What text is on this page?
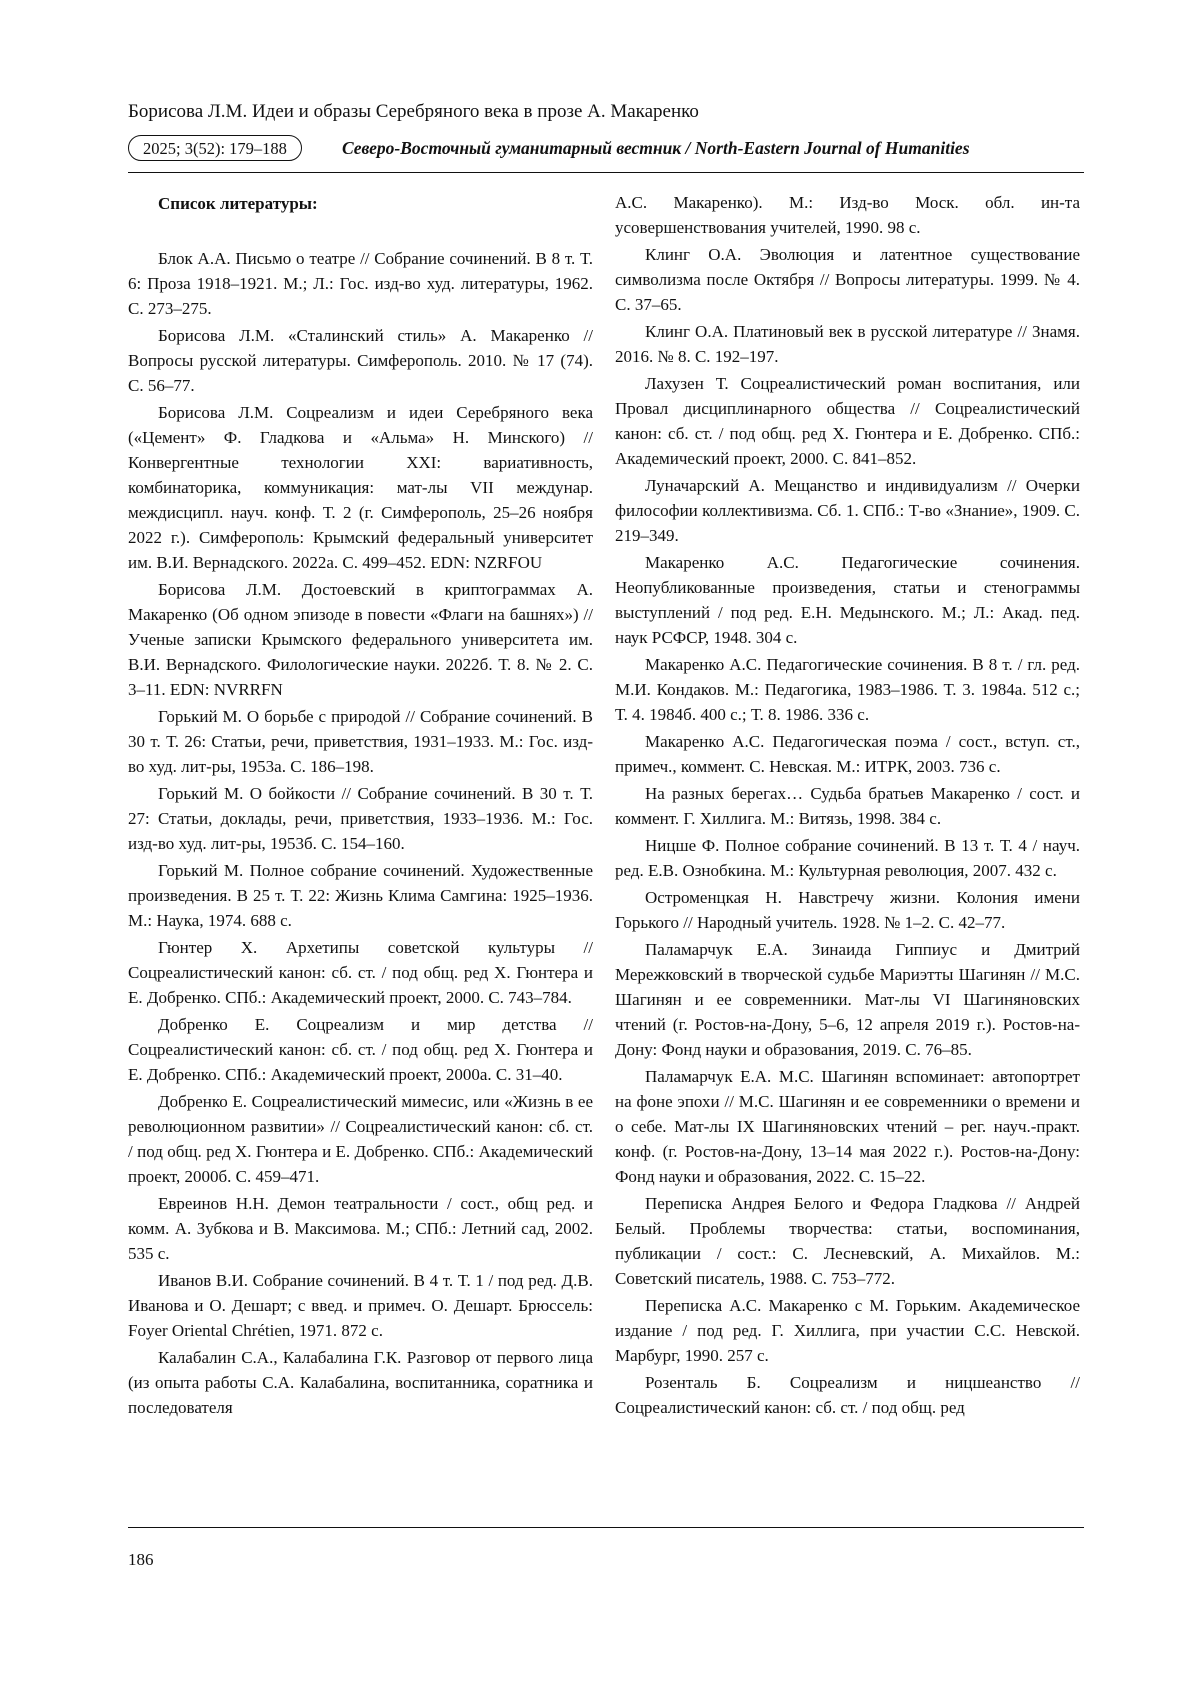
Борисова Л.М. Идеи и образы Серебряного века в прозе А. Макаренко
2025; 3(52): 179–188	Северо-Восточный гуманитарный вестник / North-Eastern Journal of Humanities
Список литературы:

Блок А.А. Письмо о театре // Собрание сочинений. В 8 т. Т. 6: Проза 1918–1921. М.; Л.: Гос. изд-во худ. литературы, 1962. С. 273–275.

Борисова Л.М. «Сталинский стиль» А. Макаренко // Вопросы русской литературы. Симферополь. 2010. № 17 (74). С. 56–77.

Борисова Л.М. Соцреализм и идеи Серебряного века («Цемент» Ф. Гладкова и «Альма» Н. Минского) // Конвергентные технологии XXI: вариативность, комбинаторика, коммуникация: мат-лы VII междунар. междисципл. науч. конф. Т. 2 (г. Симферополь, 25–26 ноября 2022 г.). Симферополь: Крымский федеральный университет им. В.И. Вернадского. 2022а. С. 499–452. EDN: NZRFOU

Борисова Л.М. Достоевский в криптограммах А. Макаренко (Об одном эпизоде в повести «Флаги на башнях») // Ученые записки Крымского федерального университета им. В.И. Вернадского. Филологические науки. 2022б. Т. 8. № 2. С. 3–11. EDN: NVRRFN

Горький М. О борьбе с природой // Собрание сочинений. В 30 т. Т. 26: Статьи, речи, приветствия, 1931–1933. М.: Гос. изд-во худ. лит-ры, 1953а. С. 186–198.

Горький М. О бойкости // Собрание сочинений. В 30 т. Т. 27: Статьи, доклады, речи, приветствия, 1933–1936. М.: Гос. изд-во худ. лит-ры, 1953б. С. 154–160.

Горький М. Полное собрание сочинений. Художественные произведения. В 25 т. Т. 22: Жизнь Клима Самгина: 1925–1936. М.: Наука, 1974. 688 с.

Гюнтер Х. Архетипы советской культуры // Соцреалистический канон: сб. ст. / под общ. ред Х. Гюнтера и Е. Добренко. СПб.: Академический проект, 2000. С. 743–784.

Добренко Е. Соцреализм и мир детства // Соцреалистический канон: сб. ст. / под общ. ред Х. Гюнтера и Е. Добренко. СПб.: Академический проект, 2000а. С. 31–40.

Добренко Е. Соцреалистический мимесис, или «Жизнь в ее революционном развитии» // Соцреалистический канон: сб. ст. / под общ. ред Х. Гюнтера и Е. Добренко. СПб.: Академический проект, 2000б. С. 459–471.

Евреинов Н.Н. Демон театральности / сост., общ ред. и комм. А. Зубкова и В. Максимова. М.; СПб.: Летний сад, 2002. 535 с.

Иванов В.И. Собрание сочинений. В 4 т. Т. 1 / под ред. Д.В. Иванова и О. Дешарт; с введ. и примеч. О. Дешарт. Брюссель: Foyer Oriental Chrétien, 1971. 872 с.

Калабалин С.А., Калабалина Г.К. Разговор от первого лица (из опыта работы С.А. Калабалина, воспитанника, соратника и последователя

А.С. Макаренко). М.: Изд-во Моск. обл. ин-та усовершенствования учителей, 1990. 98 с.

Клинг О.А. Эволюция и латентное существование символизма после Октября // Вопросы литературы. 1999. № 4. С. 37–65.

Клинг О.А. Платиновый век в русской литературе // Знамя. 2016. № 8. С. 192–197.

Лахузен Т. Соцреалистический роман воспитания, или Провал дисциплинарного общества // Соцреалистический канон: сб. ст. / под общ. ред Х. Гюнтера и Е. Добренко. СПб.: Академический проект, 2000. С. 841–852.

Луначарский А. Мещанство и индивидуализм // Очерки философии коллективизма. Сб. 1. СПб.: Т-во «Знание», 1909. С. 219–349.

Макаренко А.С. Педагогические сочинения. Неопубликованные произведения, статьи и стенограммы выступлений / под ред. Е.Н. Медынского. М.; Л.: Акад. пед. наук РСФСР, 1948. 304 с.

Макаренко А.С. Педагогические сочинения. В 8 т. / гл. ред. М.И. Кондаков. М.: Педагогика, 1983–1986. Т. 3. 1984а. 512 с.; Т. 4. 1984б. 400 с.; Т. 8. 1986. 336 с.

Макаренко А.С. Педагогическая поэма / сост., вступ. ст., примеч., коммент. С. Невская. М.: ИТРК, 2003. 736 с.

На разных берегах… Судьба братьев Макаренко / сост. и коммент. Г. Хиллига. М.: Витязь, 1998. 384 с.

Ницше Ф. Полное собрание сочинений. В 13 т. Т. 4 / науч. ред. Е.В. Ознобкина. М.: Культурная революция, 2007. 432 с.

Остроменцкая Н. Навстречу жизни. Колония имени Горького // Народный учитель. 1928. № 1–2. С. 42–77.

Паламарчук Е.А. Зинаида Гиппиус и Дмитрий Мережковский в творческой судьбе Мариэтты Шагинян // М.С. Шагинян и ее современники. Мат-лы VI Шагиняновских чтений (г. Ростов-на-Дону, 5–6, 12 апреля 2019 г.). Ростов-на-Дону: Фонд науки и образования, 2019. С. 76–85.

Паламарчук Е.А. М.С. Шагинян вспоминает: автопортрет на фоне эпохи // М.С. Шагинян и ее современники о времени и о себе. Мат-лы IX Шагиняновских чтений – рег. науч.-практ. конф. (г. Ростов-на-Дону, 13–14 мая 2022 г.). Ростов-на-Дону: Фонд науки и образования, 2022. С. 15–22.

Переписка Андрея Белого и Федора Гладкова // Андрей Белый. Проблемы творчества: статьи, воспоминания, публикации / сост.: С. Лесневский, А. Михайлов. М.: Советский писатель, 1988. С. 753–772.

Переписка А.С. Макаренко с М. Горьким. Академическое издание / под ред. Г. Хиллига, при участии С.С. Невской. Марбург, 1990. 257 с.

Розенталь Б. Соцреализм и ницшеанство // Соцреалистический канон: сб. ст. / под общ. ред

186
